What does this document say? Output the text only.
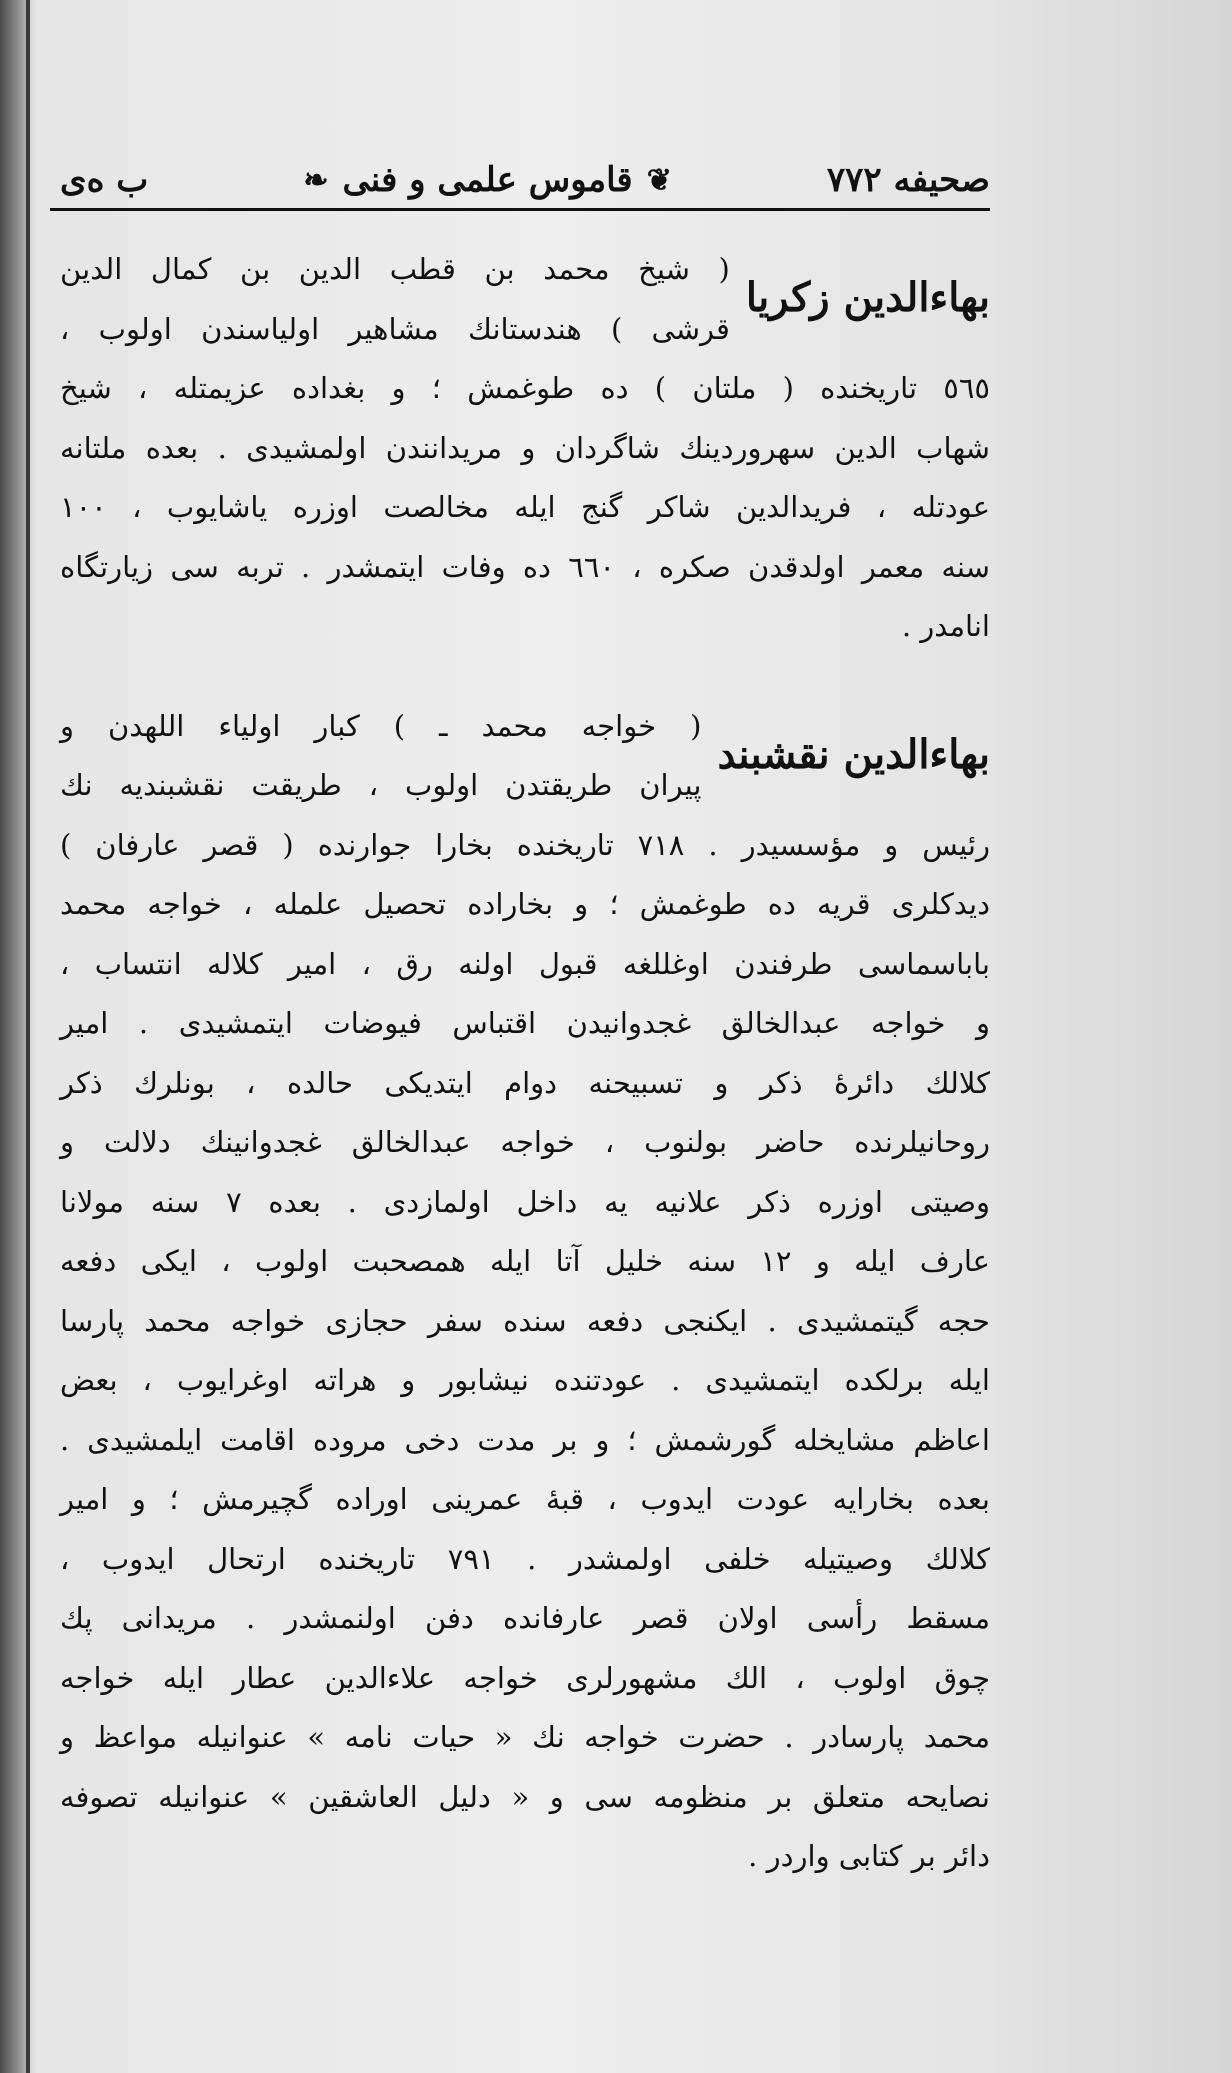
صحيفه ٧٧٢
❦
قاموس علمى و فنى
❧
ب ەى
بهاءالدين زكريا
( شيخ محمد بن قطب الدين بن كمال الدين
قرشى ) هندستانك مشاهير اولياسندن اولوب ،
٥٦٥ تاريخنده ( ملتان ) ده طوغمش ؛ و بغداده عزيمتله ، شيخ
شهاب الدين سهروردينك شاگردان و مريدانندن اولمشيدى . بعده ملتانه
عودتله ، فريدالدين شاكر گنج ايله مخالصت اوزره ياشايوب ، ١٠٠
سنه معمر اولدقدن صكره ، ٦٦٠ ده وفات ايتمشدر . تربه سى زيارتگاه
انامدر .
بهاءالدين نقشبند
( خواجه محمد ـ ) كبار اولياء اللهدن و
پيران طريقتدن اولوب ، طريقت نقشبنديه نك
رئيس و مؤسسيدر . ٧١٨ تاريخنده بخارا جوارنده ( قصر عارفان )
ديدكلرى قريه ده طوغمش ؛ و بخاراده تحصيل علمله ، خواجه محمد
باباسماسى طرفندن اوغللغه قبول اولنه رق ، امير كلاله انتساب ،
و خواجه عبدالخالق غجدوانيدن اقتباس فيوضات ايتمشيدى . امير
كلالك دائرۀ ذكر و تسبيحنه دوام ايتديكى حالده ، بونلرك ذكر
روحانيلرنده حاضر بولنوب ، خواجه عبدالخالق غجدوانينك دلالت و
وصيتى اوزره ذكر علانيه يه داخل اولمازدى . بعده ٧ سنه مولانا
عارف ايله و ١٢ سنه خليل آتا ايله همصحبت اولوب ، ايكى دفعه
حجه گيتمشيدى . ايكنجى دفعه سنده سفر حجازى خواجه محمد پارسا
ايله برلكده ايتمشيدى . عودتنده نيشابور و هراته اوغرايوب ، بعض
اعاظم مشايخله گورشمش ؛ و بر مدت دخى مروده اقامت ايلمشيدى .
بعده بخارايه عودت ايدوب ، قبۀ عمرينى اوراده گچيرمش ؛ و امير
كلالك وصيتيله خلفى اولمشدر . ٧٩١ تاريخنده ارتحال ايدوب ،
مسقط رأسى اولان قصر عارفانده دفن اولنمشدر . مريدانى پك
چوق اولوب ، الك مشهورلرى خواجه علاءالدين عطار ايله خواجه
محمد پارسادر . حضرت خواجه نك « حيات نامه » عنوانيله مواعظ و
نصايحه متعلق بر منظومه سى و « دليل العاشقين » عنوانيله تصوفه
دائر بر كتابى واردر .
